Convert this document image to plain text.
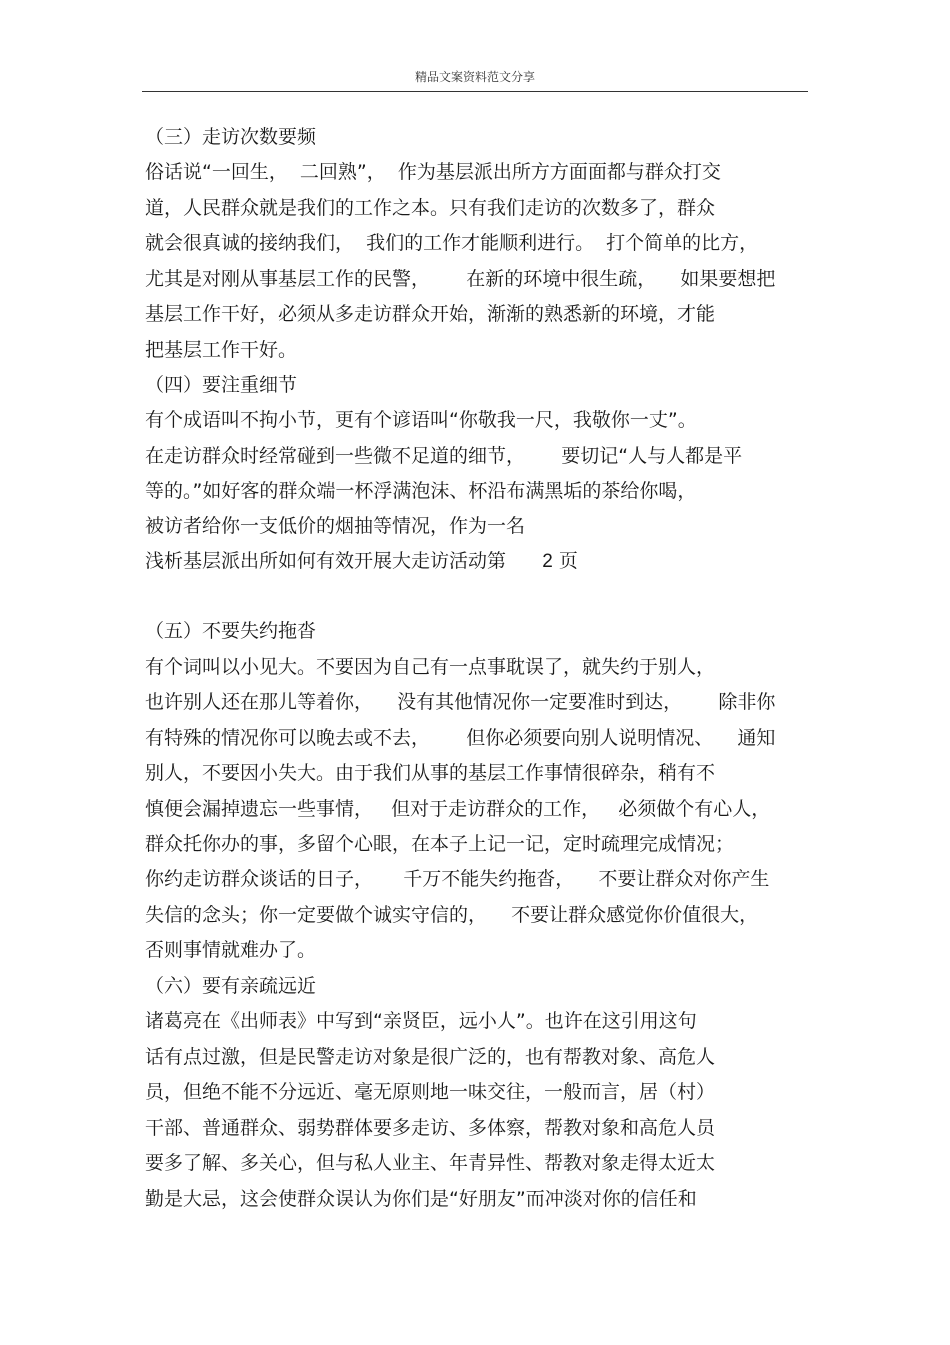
精品文案资料范文分享
（三）走访次数要频
俗话说“一回生，  二回熟”，  作为基层派出所方方面面都与群众打交
道，人民群众就是我们的工作之本。只有我们走访的次数多了，群众
就会很真诚的接纳我们，  我们的工作才能顺利进行。  打个简单的比方，
尤其是对刚从事基层工作的民警，      在新的环境中很生疏，    如果要想把
基层工作干好，必须从多走访群众开始，渐渐的熟悉新的环境，才能
把基层工作干好。
（四）要注重细节
有个成语叫不拘小节，更有个谚语叫“你敬我一尺，我敬你一丈”。
在走访群众时经常碰到一些微不足道的细节，      要切记“人与人都是平
等的。”如好客的群众端一杯浮满泡沫、杯沿布满黑垢的茶给你喝，
被访者给你一支低价的烟抽等情况，作为一名
浅析基层派出所如何有效开展大走访活动第 2 页
（五）不要失约拖沓
有个词叫以小见大。不要因为自己有一点事耽误了，就失约于别人，
也许别人还在那儿等着你，    没有其他情况你一定要准时到达，      除非你
有特殊的情况你可以晚去或不去，      但你必须要向别人说明情况、    通知
别人，不要因小失大。由于我们从事的基层工作事情很碎杂，稍有不
慎便会漏掉遗忘一些事情，   但对于走访群众的工作，   必须做个有心人，
群众托你办的事，多留个心眼，在本子上记一记，定时疏理完成情况；
你约走访群众谈话的日子，     千万不能失约拖沓，    不要让群众对你产生
失信的念头；你一定要做个诚实守信的，    不要让群众感觉你价值很大，
否则事情就难办了。
（六）要有亲疏远近
诸葛亮在《出师表》中写到“亲贤臣，远小人”。也许在这引用这句
话有点过激，但是民警走访对象是很广泛的，也有帮教对象、高危人
员，但绝不能不分远近、毫无原则地一味交往，一般而言，居（村）
干部、普通群众、弱势群体要多走访、多体察，帮教对象和高危人员
要多了解、多关心，但与私人业主、年青异性、帮教对象走得太近太
勤是大忌，这会使群众误认为你们是“好朋友”而冲淡对你的信任和
